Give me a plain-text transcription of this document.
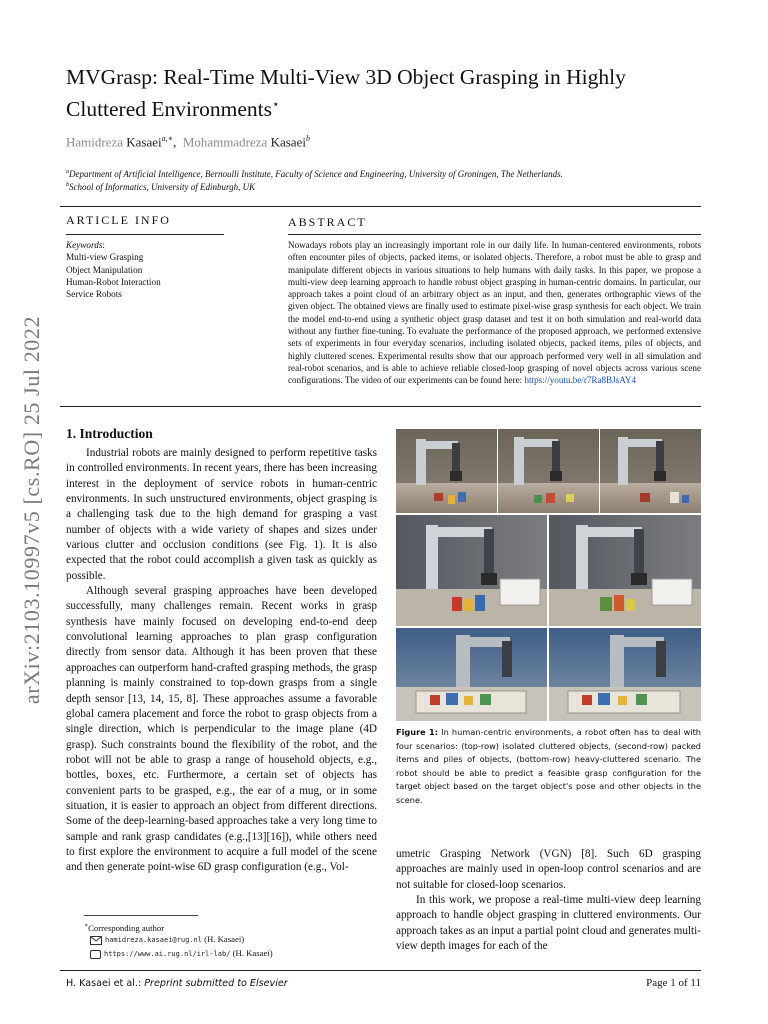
arXiv:2103.10997v5 [cs.RO] 25 Jul 2022
MVGrasp: Real-Time Multi-View 3D Object Grasping in Highly Cluttered Environments⋆
Hamidreza Kasaei$^{a,∗}$,  Mohammadreza Kasaei$^b$
$^a$Department of Artificial Intelligence, Bernoulli Institute, Faculty of Science and Engineering, University of Groningen, The Netherlands.
$^b$School of Informatics, University of Edinburgh, UK
ARTICLE INFO
Keywords:
Multi-view Grasping
Object Manipulation
Human-Robot Interaction
Service Robots
ABSTRACT
Nowadays robots play an increasingly important role in our daily life. In human-centered environments, robots often encounter piles of objects, packed items, or isolated objects. Therefore, a robot must be able to grasp and manipulate different objects in various situations to help humans with daily tasks. In this paper, we propose a multi-view deep learning approach to handle robust object grasping in human-centric domains. In particular, our approach takes a point cloud of an arbitrary object as an input, and then, generates orthographic views of the given object. The obtained views are finally used to estimate pixel-wise grasp synthesis for each object. We train the model end-to-end using a synthetic object grasp dataset and test it on both simulation and real-world data without any further fine-tuning. To evaluate the performance of the proposed approach, we performed extensive sets of experiments in four everyday scenarios, including isolated objects, packed items, piles of objects, and highly cluttered scenes. Experimental results show that our approach performed very well in all simulation and real-robot scenarios, and is able to achieve reliable closed-loop grasping of novel objects across various scene configurations. The video of our experiments can be found here: https://youtu.be/r7Ra8BJsAY4
1. Introduction

Industrial robots are mainly designed to perform repetitive tasks in controlled environments. In recent years, there has been increasing interest in the deployment of service robots in human-centric environments. In such unstructured environments, object grasping is a challenging task due to the high demand for grasping a vast number of objects with a wide variety of shapes and sizes under various clutter and occlusion conditions (see Fig. 1). It is also expected that the robot could accomplish a given task as quickly as possible.

Although several grasping approaches have been developed successfully, many challenges remain. Recent works in grasp synthesis have mainly focused on developing end-to-end deep convolutional learning approaches to plan grasp configuration directly from sensor data. Although it has been proven that these approaches can outperform hand-crafted grasping methods, the grasp planning is mainly constrained to top-down grasps from a single depth sensor [13, 14, 15, 8]. These approaches assume a favorable global camera placement and force the robot to grasp objects from a single direction, which is perpendicular to the image plane (4D grasp). Such constraints bound the flexibility of the robot, and the robot will not be able to grasp a range of household objects, e.g., bottles, boxes, etc. Furthermore, a certain set of objects has convenient parts to be grasped, e.g., the ear of a mug, or in some situation, it is easier to approach an object from different directions. Some of the deep-learning-based approaches take a very long time to sample and rank grasp candidates (e.g.,[13][16]), while others need to first explore the environment to acquire a full model of the scene and then generate point-wise 6D grasp configuration (e.g., Vol-

Figure 1: In human-centric environments, a robot often has to deal with four scenarios: (top-row) isolated cluttered objects, (second-row) packed items and piles of objects, (bottom-row) heavy-cluttered scenario. The robot should be able to predict a feasible grasp configuration for the target object based on the target object's pose and other objects in the scene.

umetric Grasping Network (VGN) [8]. Such 6D grasping approaches are mainly used in open-loop control scenarios and are not suitable for closed-loop scenarios.

In this work, we propose a real-time multi-view deep learning approach to handle object grasping in cluttered environments. Our approach takes as an input a partial point cloud and generates multi-view depth images for each of the

∗Corresponding author
hamidreza.kasaei@rug.nl (H. Kasaei)
https://www.ai.rug.nl/irl-lab/ (H. Kasaei)
H. Kasaei et al.: Preprint submitted to Elsevier	Page 1 of 11
